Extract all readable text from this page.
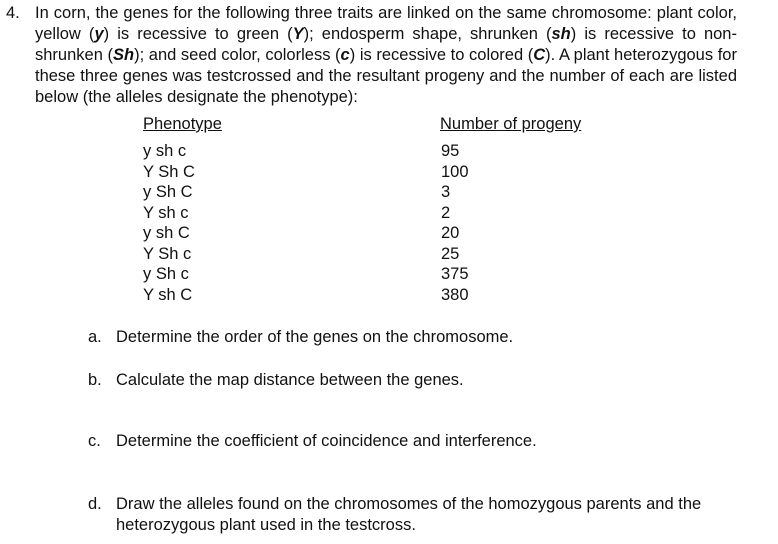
4. In corn, the genes for the following three traits are linked on the same chromosome: plant color, yellow (y) is recessive to green (Y); endosperm shape, shrunken (sh) is recessive to non-shrunken (Sh); and seed color, colorless (c) is recessive to colored (C). A plant heterozygous for these three genes was testcrossed and the resultant progeny and the number of each are listed below (the alleles designate the phenotype):
Phenotype	Number of progeny
y sh c	95
Y Sh C	100
y Sh C	3
Y sh c	2
y sh C	20
Y Sh c	25
y Sh c	375
Y sh C	380
a. Determine the order of the genes on the chromosome.
b. Calculate the map distance between the genes.
c. Determine the coefficient of coincidence and interference.
d. Draw the alleles found on the chromosomes of the homozygous parents and the heterozygous plant used in the testcross.
